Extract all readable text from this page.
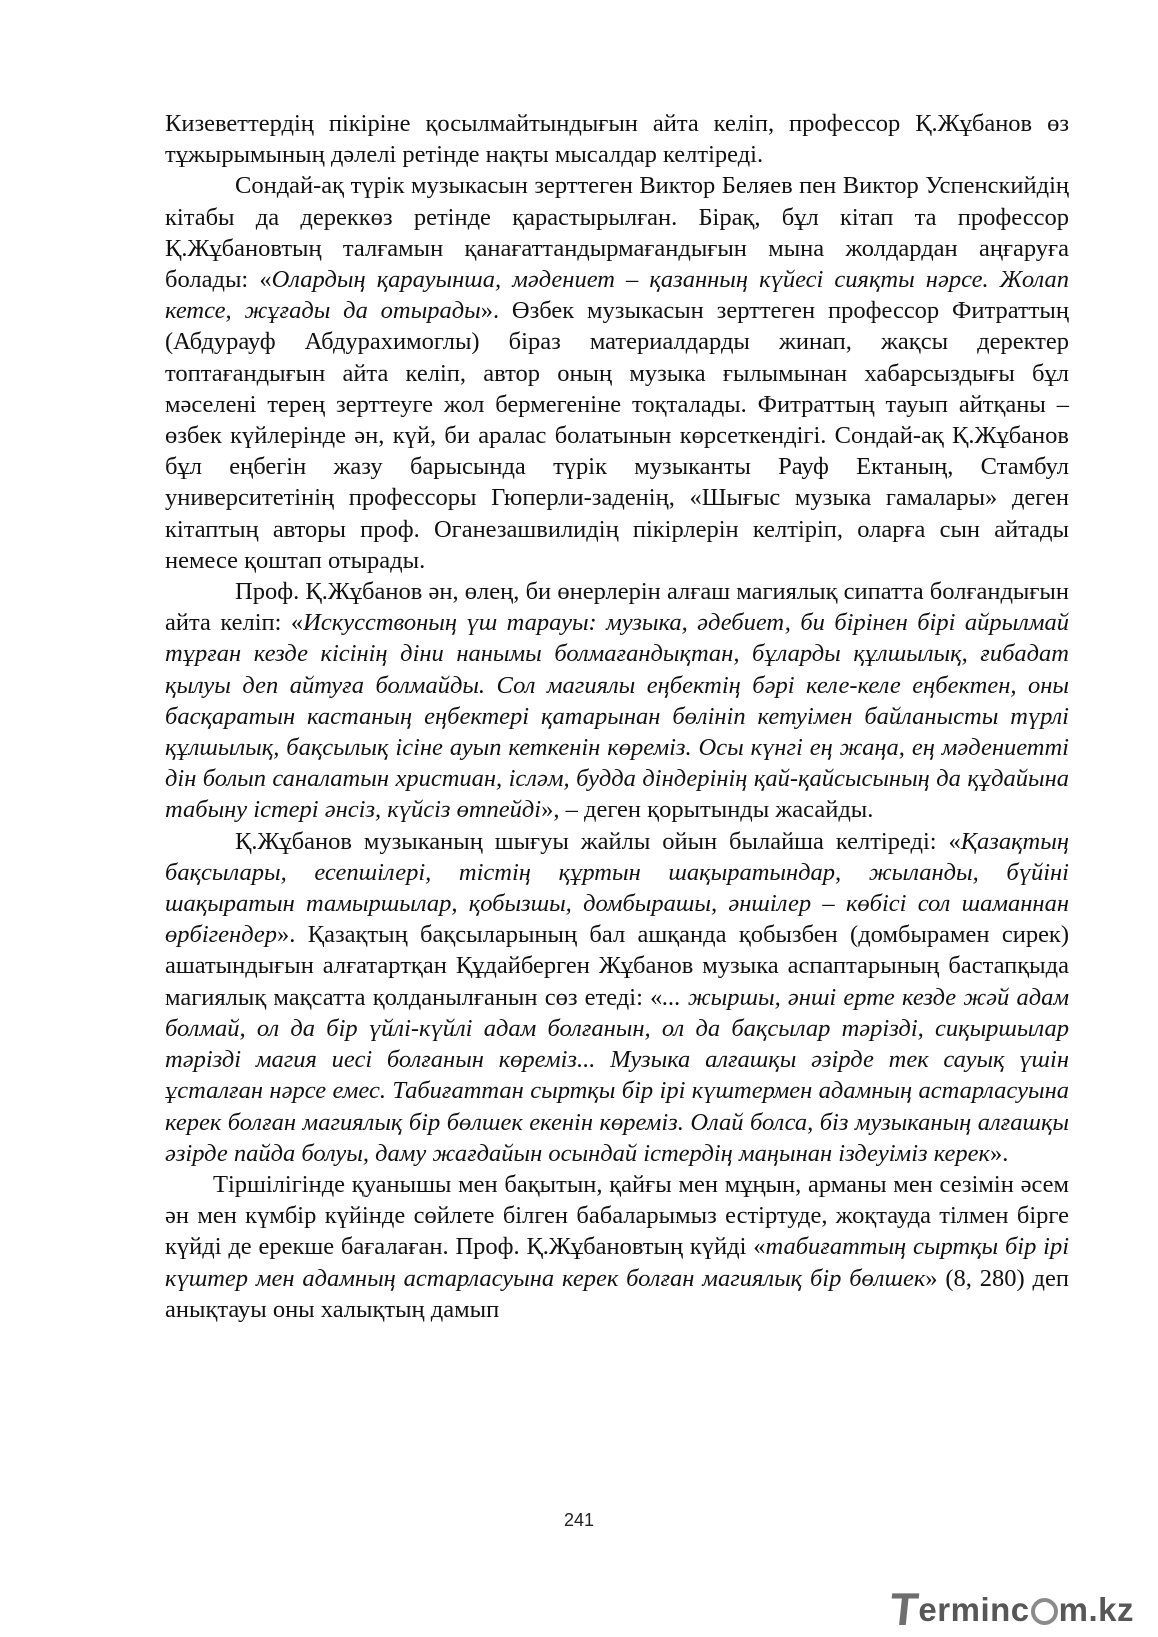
Кизеветтердің пікіріне қосылмайтындығын айта келіп, профессор Қ.Жұбанов өз тұжырымының дәлелі ретінде нақты мысалдар келтіреді.

Сондай-ақ түрік музыкасын зерттеген Виктор Беляев пен Виктор Успенскийдің кітабы да дереккөз ретінде қарастырылған. Бірақ, бұл кітап та профессор Қ.Жұбановтың талғамын қанағаттандырмағандығын мына жолдардан аңғаруға болады: «Олардың қарауынша, мәдениет – қазанның күйесі сияқты нәрсе. Жолап кетсе, жұғады да отырады». Өзбек музыкасын зерттеген профессор Фитраттың (Абдурауф Абдурахимоглы) біраз материалдарды жинап, жақсы деректер топтағандығын айта келіп, автор оның музыка ғылымынан хабарсыздығы бұл мәселені терең зерттеуге жол бермегеніне тоқталады. Фитраттың тауып айтқаны – өзбек күйлерінде ән, күй, би аралас болатынын көрсеткендігі. Сондай-ақ Қ.Жұбанов бұл еңбегін жазу барысында түрік музыканты Рауф Ектаның, Стамбул университетінің профессоры Гюперли-заденің, «Шығыс музыка гамалары» деген кітаптың авторы проф. Оганезашвилидің пікірлерін келтіріп, оларға сын айтады немесе қоштап отырады.

Проф. Қ.Жұбанов ән, өлең, би өнерлерін алғаш магиялық сипатта болғандығын айта келіп: «Искусствоның үш тарауы: музыка, әдебиет, би бірінен бірі айрылмай тұрған кезде кісінің діни нанымы болмағандықтан, бұларды құлшылық, ғибадат қылуы деп айтуға болмайды. Сол магиялы еңбектің бәрі келе-келе еңбектен, оны басқаратын кастаның еңбектері қатарынан бөлініп кетуімен байланысты түрлі құлшылық, бақсылық ісіне ауып кеткенін көреміз. Осы күнгі ең жаңа, ең мәдениетті дін болып саналатын христиан, ісләм, будда діндерінің қай-қайсысының да құдайына табыну істері әнсіз, күйсіз өтпейді», – деген қорытынды жасайды.

Қ.Жұбанов музыканың шығуы жайлы ойын былайша келтіреді: «Қазақтың бақсылары, есепшілері, тістің құртын шақыратындар, жыланды, бүйіні шақыратын тамыршылар, қобызшы, домбырашы, әншілер – көбісі сол шаманнан өрбігендер». Қазақтың бақсыларының бал ашқанда қобызбен (домбырамен сирек) ашатындығын алғатартқан Құдайберген Жұбанов музыка аспаптарының бастапқыда магиялық мақсатта қолданылғанын сөз етеді: «... жыршы, әнші ерте кезде жәй адам болмай, ол да бір үйлі-күйлі адам болғанын, ол да бақсылар тәрізді, сиқыршылар тәрізді магия иесі болғанын көреміз... Музыка алғашқы әзірде тек сауық үшін ұсталған нәрсе емес. Табиғаттан сыртқы бір ірі күштермен адамның астарласуына керек болған магиялық бір бөлшек екенін көреміз. Олай болса, біз музыканың алғашқы әзірде пайда болуы, даму жағдайын осындай істердің маңынан іздеуіміз керек».

Тіршілігінде қуанышы мен бақытын, қайғы мен мұңын, арманы мен сезімін әсем ән мен күмбір күйінде сөйлете білген бабаларымыз естіртуде, жоқтауда тілмен бірге күйді де ерекше бағалаған. Проф. Қ.Жұбановтың күйді «табиғаттың сыртқы бір ірі күштер мен адамның астарласуына керек болған магиялық бір бөлшек» (8, 280) деп анықтауы оны халықтың дамып

241
T
erminc m.kz
